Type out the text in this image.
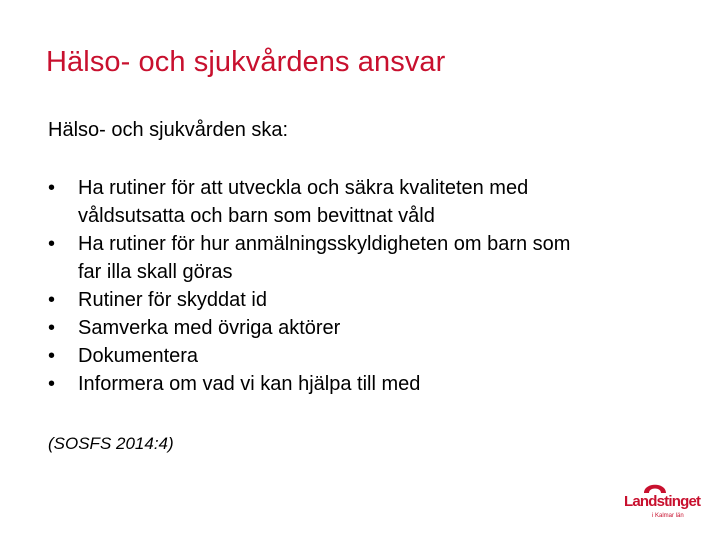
Hälso- och sjukvårdens ansvar
Hälso- och sjukvården ska:
•	Ha rutiner för att utveckla och säkra kvaliteten med
våldsutsatta och barn som bevittnat våld
•	Ha rutiner för hur anmälningsskyldigheten om barn som
far illa skall göras
•	Rutiner för skyddat id
•	Samverka med övriga aktörer
•	Dokumentera
•	Informera om vad vi kan hjälpa till med
(SOSFS 2014:4)
Landstinget
i Kalmar län
